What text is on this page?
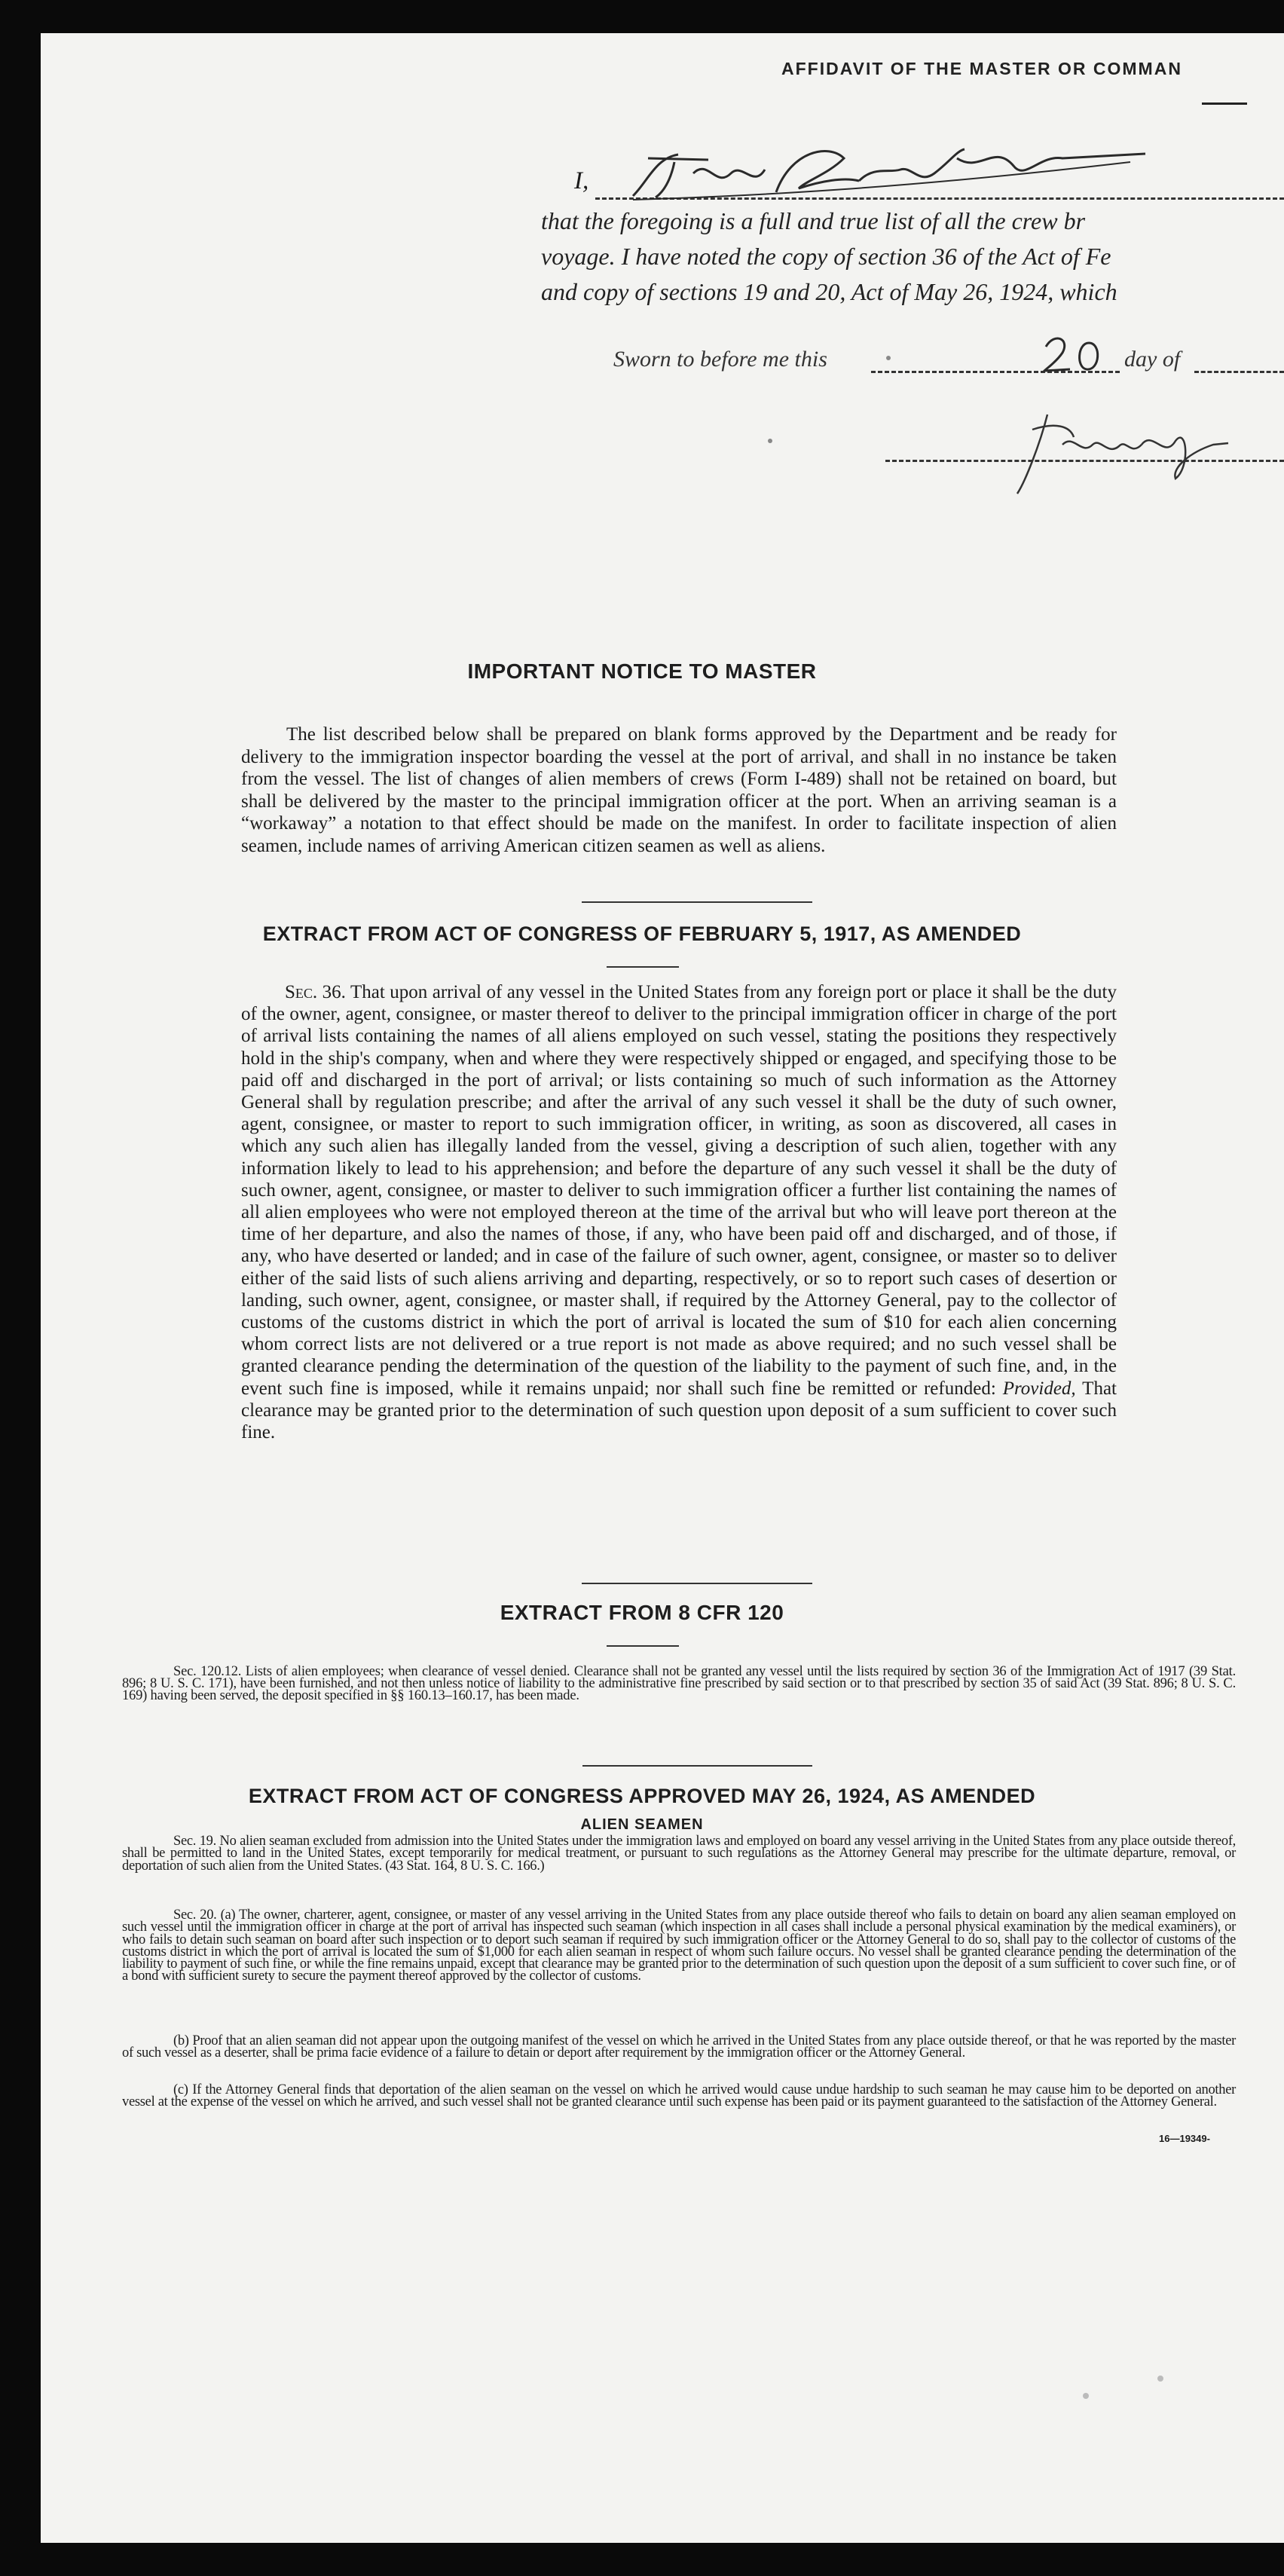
AFFIDAVIT OF THE MASTER OR COMMAN
I,
that the foregoing is a full and true list of all the crew br
voyage. I have noted the copy of section 36 of the Act of Fe
and copy of sections 19 and 20, Act of May 26, 1924, which
Sworn to before me this	day of
IMPORTANT NOTICE TO MASTER
The list described below shall be prepared on blank forms approved by the Department and be ready for delivery to the immigration inspector boarding the vessel at the port of arrival, and shall in no instance be taken from the vessel. The list of changes of alien members of crews (Form I-489) shall not be retained on board, but shall be delivered by the master to the principal immigration officer at the port. When an arriving seaman is a “workaway” a notation to that effect should be made on the manifest. In order to facilitate inspection of alien seamen, include names of arriving American citizen seamen as well as aliens.
EXTRACT FROM ACT OF CONGRESS OF FEBRUARY 5, 1917, AS AMENDED
Sec. 36. That upon arrival of any vessel in the United States from any foreign port or place it shall be the duty of the owner, agent, consignee, or master thereof to deliver to the principal immigration officer in charge of the port of arrival lists containing the names of all aliens employed on such vessel, stating the positions they respectively hold in the ship's company, when and where they were respectively shipped or engaged, and specifying those to be paid off and discharged in the port of arrival; or lists containing so much of such information as the Attorney General shall by regulation prescribe; and after the arrival of any such vessel it shall be the duty of such owner, agent, consignee, or master to report to such immigration officer, in writing, as soon as discovered, all cases in which any such alien has illegally landed from the vessel, giving a description of such alien, together with any information likely to lead to his apprehension; and before the departure of any such vessel it shall be the duty of such owner, agent, consignee, or master to deliver to such immigration officer a further list containing the names of all alien employees who were not employed thereon at the time of the arrival but who will leave port thereon at the time of her departure, and also the names of those, if any, who have been paid off and discharged, and of those, if any, who have deserted or landed; and in case of the failure of such owner, agent, consignee, or master so to deliver either of the said lists of such aliens arriving and departing, respectively, or so to report such cases of desertion or landing, such owner, agent, consignee, or master shall, if required by the Attorney General, pay to the collector of customs of the customs district in which the port of arrival is located the sum of $10 for each alien concerning whom correct lists are not delivered or a true report is not made as above required; and no such vessel shall be granted clearance pending the determination of the question of the liability to the payment of such fine, and, in the event such fine is imposed, while it remains unpaid; nor shall such fine be remitted or refunded: Provided, That clearance may be granted prior to the determination of such question upon deposit of a sum sufficient to cover such fine.
EXTRACT FROM 8 CFR 120
Sec. 120.12. Lists of alien employees; when clearance of vessel denied. Clearance shall not be granted any vessel until the lists required by section 36 of the Immigration Act of 1917 (39 Stat. 896; 8 U. S. C. 171), have been furnished, and not then unless notice of liability to the administrative fine prescribed by said section or to that prescribed by section 35 of said Act (39 Stat. 896; 8 U. S. C. 169) having been served, the deposit specified in §§ 160.13–160.17, has been made.
EXTRACT FROM ACT OF CONGRESS APPROVED MAY 26, 1924, AS AMENDED
ALIEN SEAMEN
Sec. 19. No alien seaman excluded from admission into the United States under the immigration laws and employed on board any vessel arriving in the United States from any place outside thereof, shall be permitted to land in the United States, except temporarily for medical treatment, or pursuant to such regulations as the Attorney General may prescribe for the ultimate departure, removal, or deportation of such alien from the United States. (43 Stat. 164, 8 U. S. C. 166.)
Sec. 20. (a) The owner, charterer, agent, consignee, or master of any vessel arriving in the United States from any place outside thereof who fails to detain on board any alien seaman employed on such vessel until the immigration officer in charge at the port of arrival has inspected such seaman (which inspection in all cases shall include a personal physical examination by the medical examiners), or who fails to detain such seaman on board after such inspection or to deport such seaman if required by such immigration officer or the Attorney General to do so, shall pay to the collector of customs of the customs district in which the port of arrival is located the sum of $1,000 for each alien seaman in respect of whom such failure occurs. No vessel shall be granted clearance pending the determination of the liability to payment of such fine, or while the fine remains unpaid, except that clearance may be granted prior to the determination of such question upon the deposit of a sum sufficient to cover such fine, or of a bond with sufficient surety to secure the payment thereof approved by the collector of customs.
(b) Proof that an alien seaman did not appear upon the outgoing manifest of the vessel on which he arrived in the United States from any place outside thereof, or that he was reported by the master of such vessel as a deserter, shall be prima facie evidence of a failure to detain or deport after requirement by the immigration officer or the Attorney General.
(c) If the Attorney General finds that deportation of the alien seaman on the vessel on which he arrived would cause undue hardship to such seaman he may cause him to be deported on another vessel at the expense of the vessel on which he arrived, and such vessel shall not be granted clearance until such expense has been paid or its payment guaranteed to the satisfaction of the Attorney General.
16—19349-
